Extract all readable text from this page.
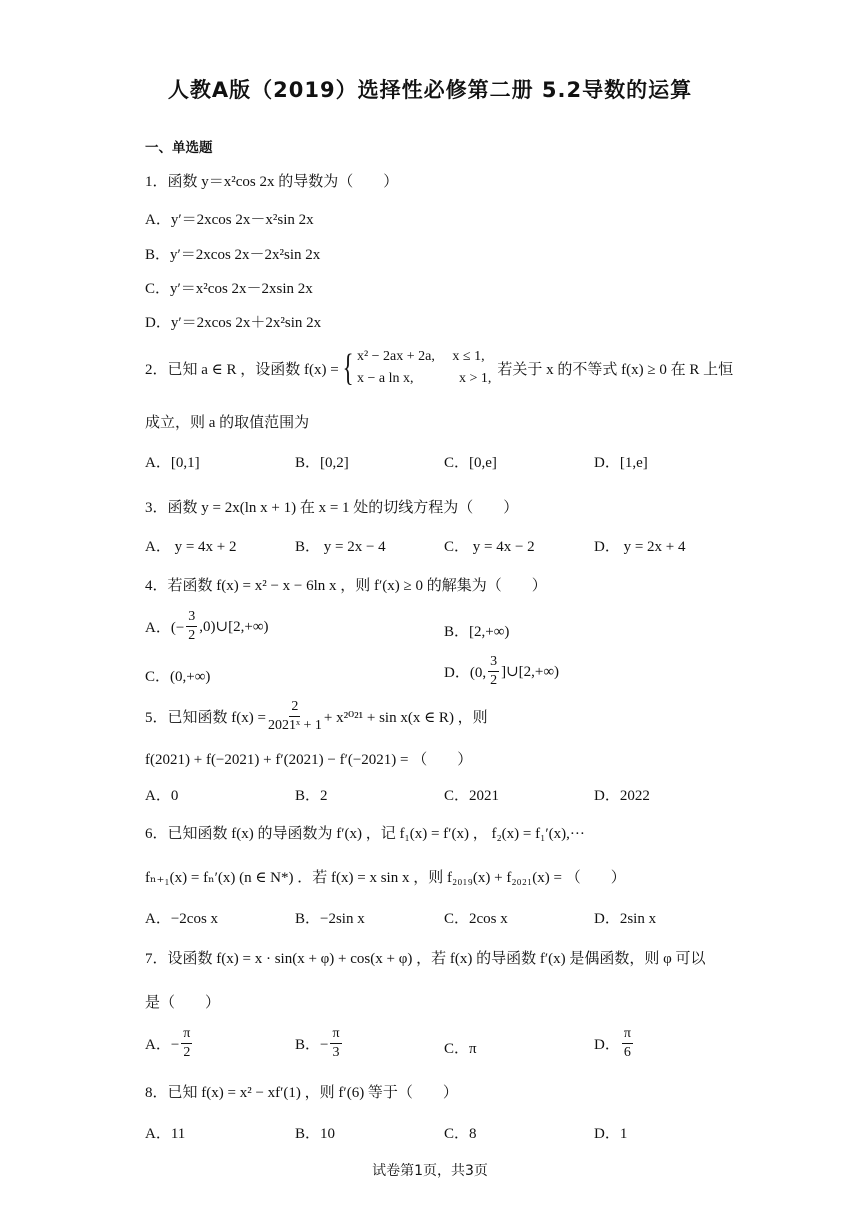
人教A版（2019）选择性必修第二册 5.2导数的运算
一、单选题
1．函数 y＝x²cos 2x 的导数为（　　）
A．y′＝2xcos 2x－x²sin 2x
B．y′＝2xcos 2x－2x²sin 2x
C．y′＝x²cos 2x－2xsin 2x
D．y′＝2xcos 2x＋2x²sin 2x
2．已知 a ∈ R ，设函数 f(x) = { x² − 2ax + 2a,　 x ≤ 1,
x − a ln x,　　　 x > 1,
若关于 x 的不等式 f(x) ≥ 0 在 R 上恒
成立，则 a 的取值范围为
A．[0,1]	B．[0,2]	C．[0,e]	D．[1,e]
3．函数 y = 2x(ln x + 1) 在 x = 1 处的切线方程为（　　）
A． y = 4x + 2	B． y = 2x − 4	C． y = 4x − 2	D． y = 2x + 4
4．若函数 f(x) = x² − x − 6ln x ，则 f′(x) ≥ 0 的解集为（　　）
A．(− $\frac{3}{2}$ ,0)∪[2,+∞)	B．[2,+∞)
C．(0,+∞)	D．(0, $\frac{3}{2}$ ]∪[2,+∞)
5．已知函数 $f(x) = \frac{2}{\text{2021ˣ + 1}} + x^{2021} + \sin x(x$ ∈ R) ，则
f(2021) + f(−2021) + f′(2021) − f′(−2021) = （　　）
A．0	B．2	C．2021	D．2022
6．已知函数 f(x) 的导函数为 f′(x) ，记 f₁(x) = f′(x) ， f₂(x) = f₁′(x),···
fₙ₊₁(x) = fₙ′(x) (n ∈ N*) ．若 f(x) = x sin x ，则 f₂₀₁₉(x) + f₂₀₂₁(x) = （　　）
A．−2cos x	B．−2sin x	C．2cos x	D．2sin x
7．设函数 f(x) = x · sin(x + φ) + cos(x + φ) ，若 f(x) 的导函数 f′(x) 是偶函数，则 φ 可以
是（　　）
A．− $\frac{\pi}{2}$	B．− $\frac{\pi}{3}$	C．π	D． $\frac{\pi}{6}$
8．已知 f(x) = x² − xf′(1) ，则 f′(6) 等于（　　）
A．11	B．10	C．8	D．1
试卷第1页，共3页
